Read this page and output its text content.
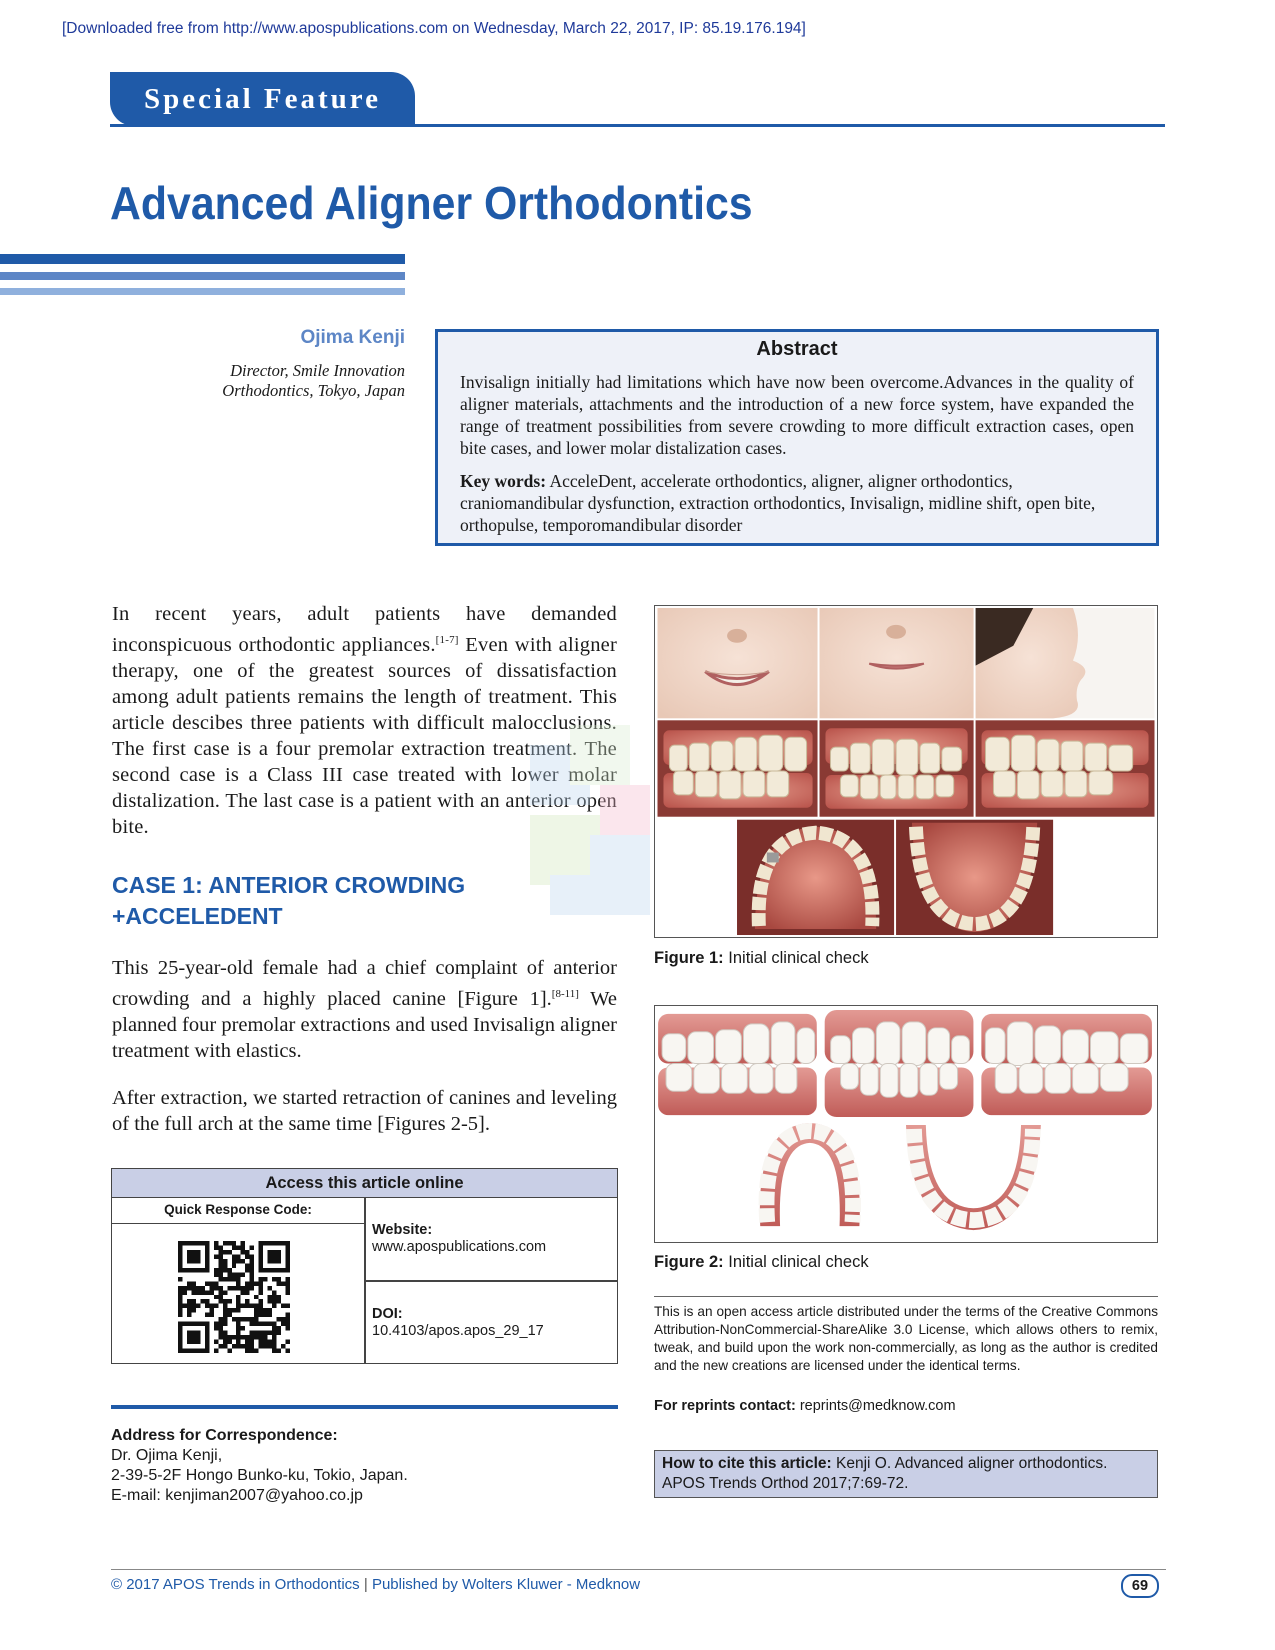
[Downloaded free from http://www.apospublications.com on Wednesday, March 22, 2017, IP: 85.19.176.194]
Special Feature
Advanced Aligner Orthodontics
Ojima Kenji
Director, Smile Innovation Orthodontics, Tokyo, Japan
Abstract

Invisalign initially had limitations which have now been overcome.Advances in the quality of aligner materials, attachments and the introduction of a new force system, have expanded the range of treatment possibilities from severe crowding to more difficult extraction cases, open bite cases, and lower molar distalization cases.

Key words: AcceleDent, accelerate orthodontics, aligner, aligner orthodontics, craniomandibular dysfunction, extraction orthodontics, Invisalign, midline shift, open bite, orthopulse, temporomandibular disorder

In recent years, adult patients have demanded inconspicuous orthodontic appliances.[1-7] Even with aligner therapy, one of the greatest sources of dissatisfaction among adult patients remains the length of treatment. This article descibes three patients with difficult malocclusions. The first case is a four premolar extraction treatment. The second case is a Class III case treated with lower molar distalization. The last case is a patient with an anterior open bite.

CASE 1: ANTERIOR CROWDING
+ACCELEDENT

This 25-year-old female had a chief complaint of anterior crowding and a highly placed canine [Figure 1].[8-11] We planned four premolar extractions and used Invisalign aligner treatment with elastics.

After extraction, we started retraction of canines and leveling of the full arch at the same time [Figures 2-5].

Figure 1: Initial clinical check
Figure 2: Initial clinical check
This is an open access article distributed under the terms of the Creative Commons Attribution-NonCommercial-ShareAlike 3.0 License, which allows others to remix, tweak, and build upon the work non-commercially, as long as the author is credited and the new creations are licensed under the identical terms.
For reprints contact: reprints@medknow.com
How to cite this article: Kenji O. Advanced aligner orthodontics. APOS Trends Orthod 2017;7:69-72.
Access this article online
Quick Response Code:
Website:
www.apospublications.com
DOI:
10.4103/apos.apos_29_17
Address for Correspondence:
Dr. Ojima Kenji,
2-39-5-2F Hongo Bunko-ku, Tokio, Japan.
E-mail: kenjiman2007@yahoo.co.jp
© 2017 APOS Trends in Orthodontics | Published by Wolters Kluwer - Medknow	69
